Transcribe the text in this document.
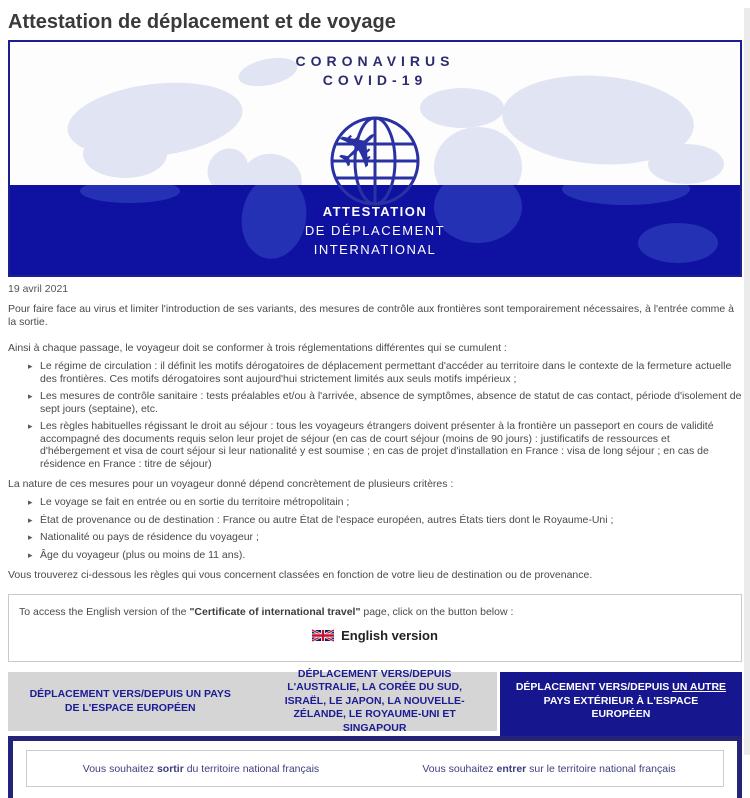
Attestation de déplacement et de voyage
CORONAVIRUS
COVID-19
ATTESTATION
DE DÉPLACEMENT
INTERNATIONAL
✈
19 avril 2021

Pour faire face au virus et limiter l'introduction de ses variants, des mesures de contrôle aux frontières sont temporairement nécessaires, à l'entrée comme à la sortie.

Ainsi à chaque passage, le voyageur doit se conformer à trois réglementations différentes qui se cumulent :

▸ Le régime de circulation : il définit les motifs dérogatoires de déplacement permettant d'accéder au territoire dans le contexte de la fermeture actuelle des frontières. Ces motifs dérogatoires sont aujourd'hui strictement limités aux seuls motifs impérieux ;
▸ Les mesures de contrôle sanitaire : tests préalables et/ou à l'arrivée, absence de symptômes, absence de statut de cas contact, période d'isolement de sept jours (septaine), etc.
▸ Les règles habituelles régissant le droit au séjour : tous les voyageurs étrangers doivent présenter à la frontière un passeport en cours de validité accompagné des documents requis selon leur projet de séjour (en cas de court séjour (moins de 90 jours) : justificatifs de ressources et d'hébergement et visa de court séjour si leur nationalité y est soumise ; en cas de projet d'installation en France : visa de long séjour ; en cas de résidence en France : titre de séjour)

La nature de ces mesures pour un voyageur donné dépend concrètement de plusieurs critères :

▸ Le voyage se fait en entrée ou en sortie du territoire métropolitain ;
▸ État de provenance ou de destination : France ou autre État de l'espace européen, autres États tiers dont le Royaume-Uni ;
▸ Nationalité ou pays de résidence du voyageur ;
▸ Âge du voyageur (plus ou moins de 11 ans).

Vous trouverez ci-dessous les règles qui vous concernent classées en fonction de votre lieu de destination ou de provenance.

To access the English version of the "Certificate of international travel" page, click on the button below :
English version
DÉPLACEMENT VERS/DEPUIS UN PAYS DE L'ESPACE EUROPÉEN
DÉPLACEMENT VERS/DEPUIS L'AUSTRALIE, LA CORÉE DU SUD, ISRAËL, LE JAPON, LA NOUVELLE-ZÉLANDE, LE ROYAUME-UNI ET SINGAPOUR
DÉPLACEMENT VERS/DEPUIS UN AUTRE PAYS EXTÉRIEUR À L'ESPACE EUROPÉEN
Vous souhaitez sortir du territoire national français	Vous souhaitez entrer sur le territoire national français
